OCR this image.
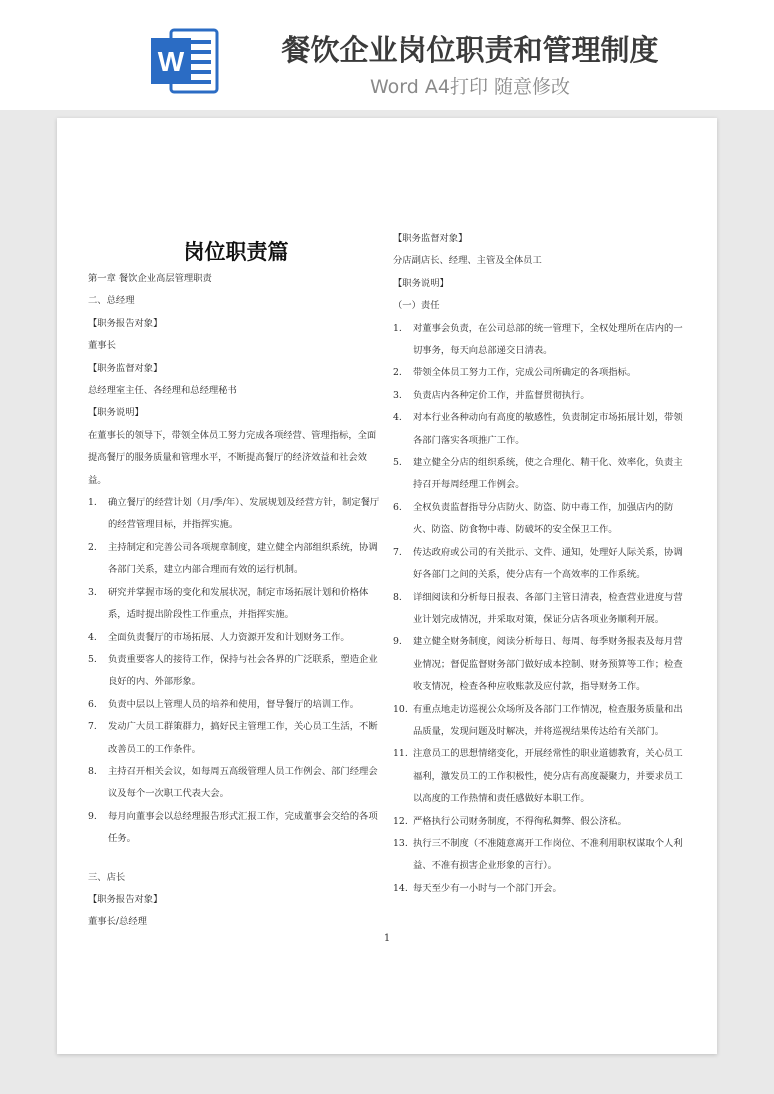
W	餐饮企业岗位职责和管理制度
Word A4打印 随意修改
岗位职责篇
第一章 餐饮企业高层管理职责
二、总经理
【职务报告对象】
董事长
【职务监督对象】
总经理室主任、各经理和总经理秘书
【职务说明】
在董事长的领导下，带领全体员工努力完成各项经营、管理指标，全面提高餐厅的服务质量和管理水平，不断提高餐厅的经济效益和社会效益。
1.	确立餐厅的经营计划（月/季/年）、发展规划及经营方针，制定餐厅的经营管理目标，并指挥实施。
2.	主持制定和完善公司各项规章制度，建立健全内部组织系统，协调各部门关系，建立内部合理而有效的运行机制。
3.	研究并掌握市场的变化和发展状况，制定市场拓展计划和价格体系，适时提出阶段性工作重点，并指挥实施。
4.	全面负责餐厅的市场拓展、人力资源开发和计划财务工作。
5.	负责重要客人的接待工作，保持与社会各界的广泛联系，塑造企业良好的内、外部形象。
6.	负责中层以上管理人员的培养和使用，督导餐厅的培训工作。
7.	发动广大员工群策群力，搞好民主管理工作，关心员工生活，不断改善员工的工作条件。
8.	主持召开相关会议，如每周五高级管理人员工作例会、部门经理会议及每个一次职工代表大会。
9.	每月向董事会以总经理报告形式汇报工作，完成董事会交给的各项任务。
三、店长
【职务报告对象】
董事长/总经理
【职务监督对象】
分店副店长、经理、主管及全体员工
【职务说明】
（一）责任
1.	对董事会负责，在公司总部的统一管理下，全权处理所在店内的一切事务，每天向总部递交日清表。
2.	带领全体员工努力工作，完成公司所确定的各项指标。
3.	负责店内各种定价工作，并监督贯彻执行。
4.	对本行业各种动向有高度的敏感性，负责制定市场拓展计划，带领各部门落实各项推广工作。
5.	建立健全分店的组织系统，使之合理化、精干化、效率化，负责主持召开每周经理工作例会。
6.	全权负责监督指导分店防火、防盗、防中毒工作，加强店内的防火、防盗、防食物中毒、防破坏的安全保卫工作。
7.	传达政府或公司的有关批示、文件、通知，处理好人际关系，协调好各部门之间的关系，使分店有一个高效率的工作系统。
8.	详细阅读和分析每日报表、各部门主管日清表，检查营业进度与营业计划完成情况，并采取对策，保证分店各项业务顺利开展。
9.	建立健全财务制度，阅读分析每日、每周、每季财务报表及每月营业情况；督促监督财务部门做好成本控制、财务预算等工作；检查收支情况，检查各种应收账款及应付款，指导财务工作。
10. 有重点地走访巡视公众场所及各部门工作情况，检查服务质量和出品质量，发现问题及时解决，并将巡视结果传达给有关部门。
11. 注意员工的思想情绪变化，开展经常性的职业道德教育，关心员工福利，激发员工的工作积极性，使分店有高度凝聚力，并要求员工以高度的工作热情和责任感做好本职工作。
12. 严格执行公司财务制度，不得徇私舞弊、假公济私。
13. 执行三不制度（不准随意离开工作岗位、不准利用职权谋取个人利益、不准有损害企业形象的言行）。
14. 每天至少有一小时与一个部门开会。
1
